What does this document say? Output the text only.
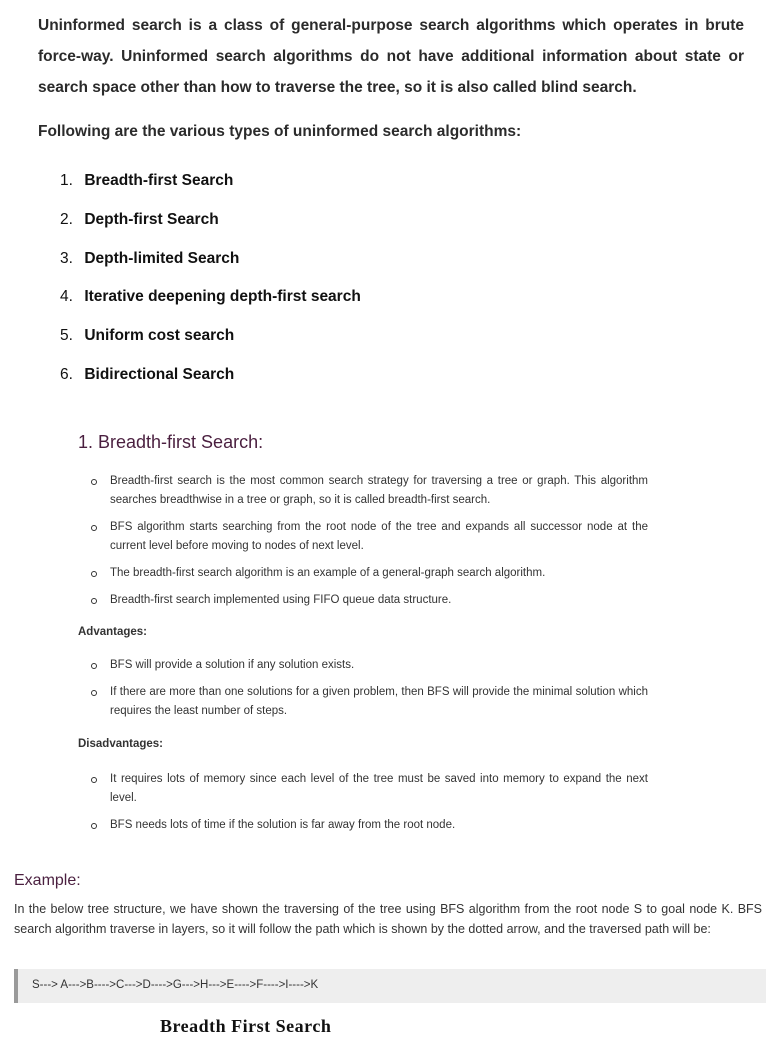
Uninformed search is a class of general-purpose search algorithms which operates in brute force-way. Uninformed search algorithms do not have additional information about state or search space other than how to traverse the tree, so it is also called blind search.

Following are the various types of uninformed search algorithms:

1. Breadth-first Search
2. Depth-first Search
3. Depth-limited Search
4. Iterative deepening depth-first search
5. Uniform cost search
6. Bidirectional Search
1. Breadth-first Search:
Breadth-first search is the most common search strategy for traversing a tree or graph. This algorithm searches breadthwise in a tree or graph, so it is called breadth-first search.
BFS algorithm starts searching from the root node of the tree and expands all successor node at the current level before moving to nodes of next level.
The breadth-first search algorithm is an example of a general-graph search algorithm.
Breadth-first search implemented using FIFO queue data structure.

Advantages:

BFS will provide a solution if any solution exists.
If there are more than one solutions for a given problem, then BFS will provide the minimal solution which requires the least number of steps.

Disadvantages:

It requires lots of memory since each level of the tree must be saved into memory to expand the next level.
BFS needs lots of time if the solution is far away from the root node.
Example:

In the below tree structure, we have shown the traversing of the tree using BFS algorithm from the root node S to goal node K. BFS search algorithm traverse in layers, so it will follow the path which is shown by the dotted arrow, and the traversed path will be:

S---> A--->B---->C--->D---->G--->H--->E---->F---->I---->K
Breadth First Search
